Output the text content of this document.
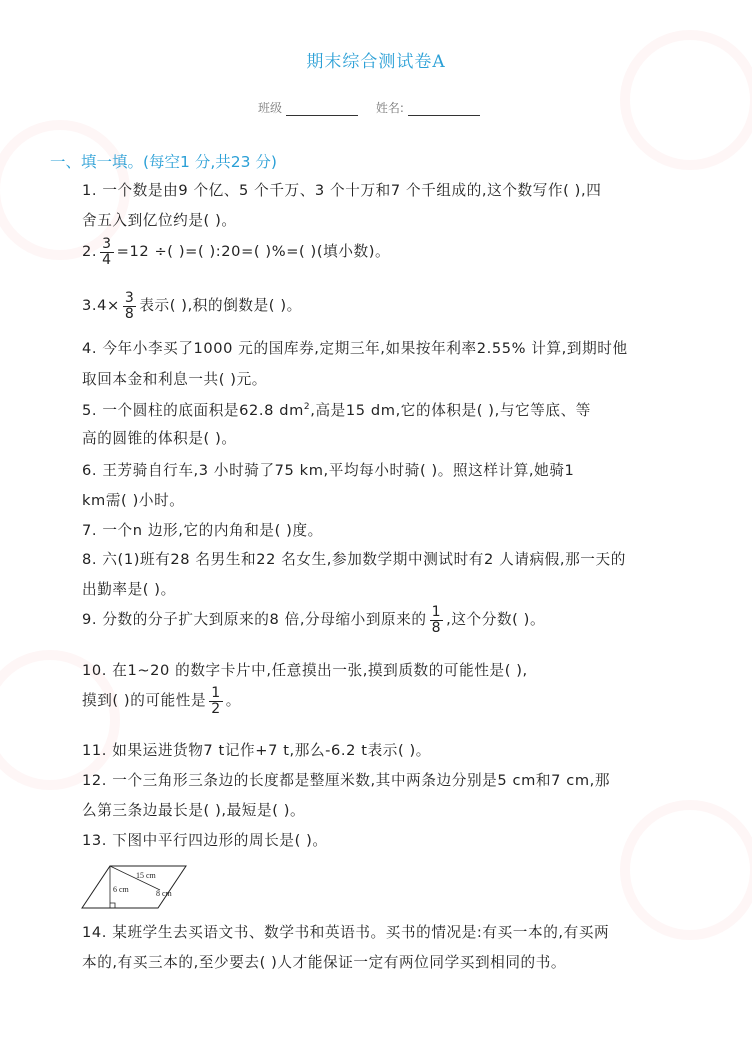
期末综合测试卷A
班级	姓名:
一、填一填。(每空1 分,共23 分)
1. 一个数是由9 个亿、5 个千万、3 个十万和7 个千组成的,这个数写作( ),四
舍五入到亿位约是( )。
2. $\frac{3}{4} =12$ ÷( )=( ):20=( )%=( )(填小数)。
$3.4\times \frac{3}{8}$ 表示( ),积的倒数是( )。
4. 今年小李买了1000 元的国库券,定期三年,如果按年利率2.55% 计算,到期时他
取回本金和利息一共( )元。
5. 一个圆柱的底面积是62.8 $dm^2$,高是15 dm,它的体积是( ),与它等底、等
高的圆锥的体积是( )。
6. 王芳骑自行车,3 小时骑了75 km,平均每小时骑( )。照这样计算,她骑1
km需( )小时。
7. 一个n 边形,它的内角和是( )度。
8. 六(1)班有28 名男生和22 名女生,参加数学期中测试时有2 人请病假,那一天的
出勤率是( )。
9. 分数的分子扩大到原来的8 倍,分母缩小到原来的 $\frac{1}{8}$ ,这个分数( )。
10. 在1~20 的数字卡片中,任意摸出一张,摸到质数的可能性是( ),
摸到( )的可能性是 $\frac{1}{2}$ 。
11. 如果运进货物7 t记作+7 t,那么-6.2 t表示( )。
12. 一个三角形三条边的长度都是整厘米数,其中两条边分别是5 cm和7 cm,那
么第三条边最长是( ),最短是( )。
13. 下图中平行四边形的周长是( )。
15 cm
6 cm	8 cm
14. 某班学生去买语文书、数学书和英语书。买书的情况是:有买一本的,有买两
本的,有买三本的,至少要去( )人才能保证一定有两位同学买到相同的书。
